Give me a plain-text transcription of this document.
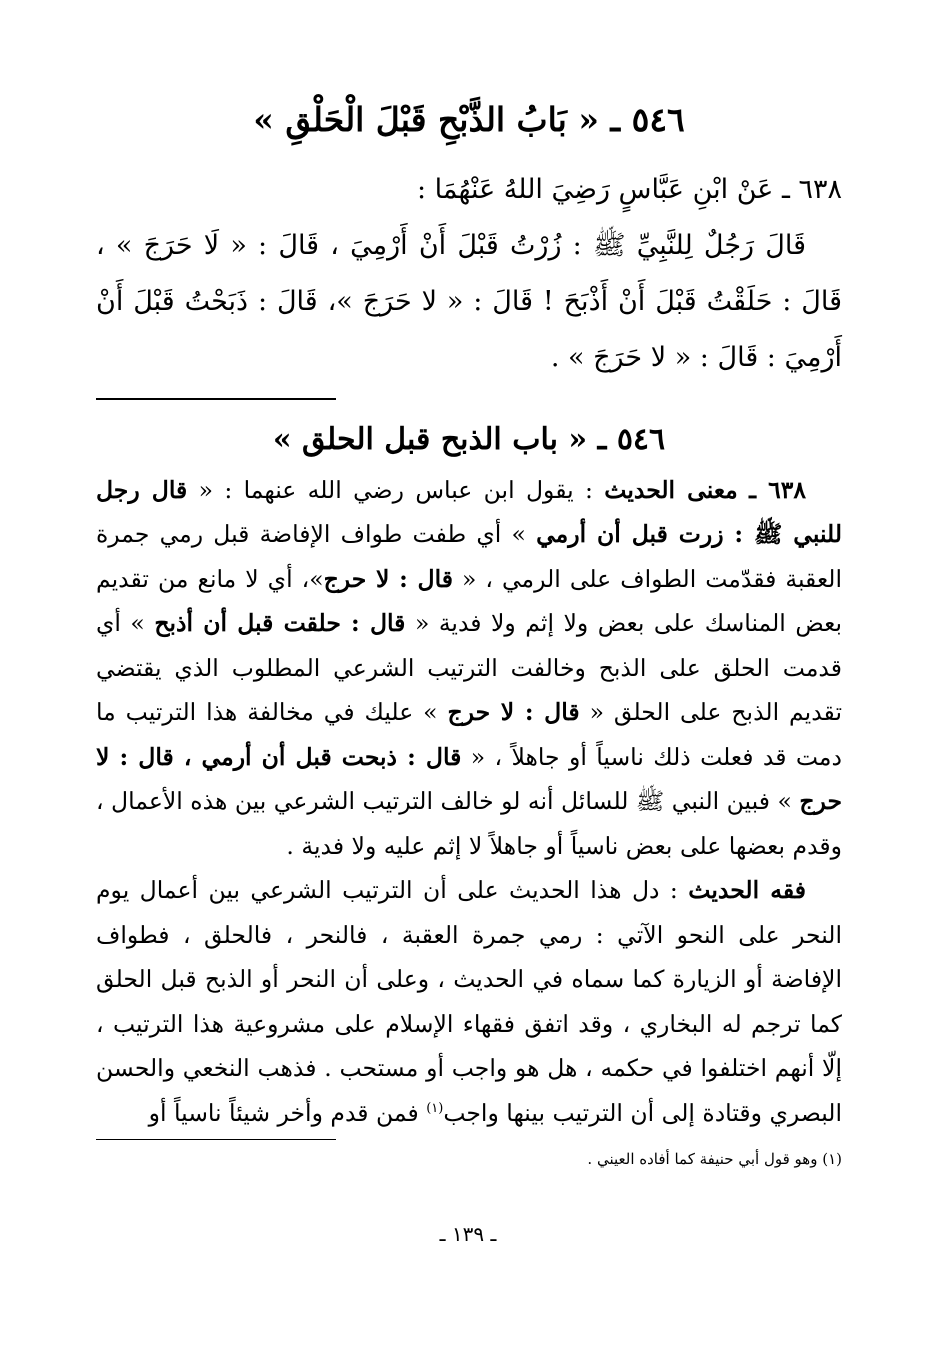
٥٤٦ ـ « بَابُ الذَّبْحِ قَبْلَ الْحَلْقِ »

٦٣٨ ـ عَنْ ابْنِ عَبَّاسٍ رَضِيَ اللهُ عَنْهُمَا :

قَالَ رَجُلٌ لِلنَّبِيِّ ﷺ : زُرْتُ قَبْلَ أَنْ أَرْمِيَ ، قَالَ : « لَا حَرَجَ » ، قَالَ : حَلَقْتُ قَبْلَ أَنْ أَذْبَحَ ! قَالَ : « لا حَرَجَ »، قَالَ : ذَبَحْتُ قَبْلَ أَنْ أَرْمِيَ : قَالَ : « لا حَرَجَ » .

٥٤٦ ـ « باب الذبح قبل الحلق »

٦٣٨ ـ معنى الحديث : يقول ابن عباس رضي الله عنهما : « قال رجل للنبي ﷺ : زرت قبل أن أرمي » أي طفت طواف الإفاضة قبل رمي جمرة العقبة فقدّمت الطواف على الرمي ، « قال : لا حرج»، أي لا مانع من تقديم بعض المناسك على بعض ولا إثم ولا فدية « قال : حلقت قبل أن أذبح » أي قدمت الحلق على الذبح وخالفت الترتيب الشرعي المطلوب الذي يقتضي تقديم الذبح على الحلق « قال : لا حرج » عليك في مخالفة هذا الترتيب ما دمت قد فعلت ذلك ناسياً أو جاهلاً ، « قال : ذبحت قبل أن أرمي ، قال : لا حرج » فبين النبي ﷺ للسائل أنه لو خالف الترتيب الشرعي بين هذه الأعمال ، وقدم بعضها على بعض ناسياً أو جاهلاً لا إثم عليه ولا فدية .

فقه الحديث : دل هذا الحديث على أن الترتيب الشرعي بين أعمال يوم النحر على النحو الآتي : رمي جمرة العقبة ، فالنحر ، فالحلق ، فطواف الإفاضة أو الزيارة كما سماه في الحديث ، وعلى أن النحر أو الذبح قبل الحلق كما ترجم له البخاري ، وقد اتفق فقهاء الإسلام على مشروعية هذا الترتيب ، إلّا أنهم اختلفوا في حكمه ، هل هو واجب أو مستحب . فذهب النخعي والحسن البصري وقتادة إلى أن الترتيب بينها واجب$^{(١)}$ فمن قدم وأخر شيئاً ناسياً أو

(١) وهو قول أبي حنيفة كما أفاده العيني .

ـ ١٣٩ ـ
